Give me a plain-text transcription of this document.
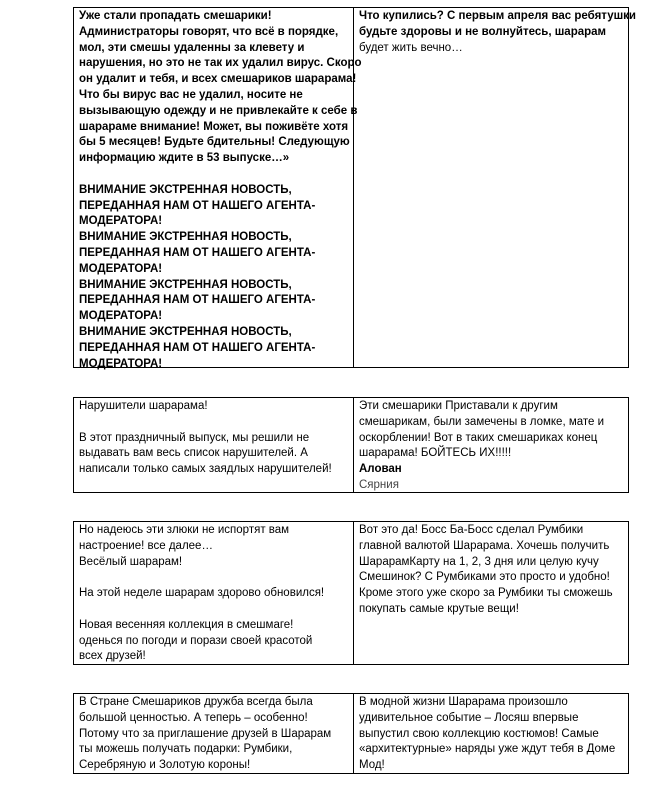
Уже стали пропадать смешарики!
Администраторы говорят, что всё в порядке,
мол, эти смешы удаленны за клевету и
нарушения, но это не так их удалил вирус. Скоро
он удалит и тебя, и всех смешариков шарарама!
Что бы вирус вас не удалил, носите не
вызывающую одежду и не привлекайте к себе в
шарараме внимание! Может, вы поживёте хотя
бы 5 месяцев! Будьте бдительны! Следующую
информацию ждите в 53 выпуске…»
ВНИМАНИЕ ЭКСТРЕННАЯ НОВОСТЬ,
ПЕРЕДАННАЯ НАМ ОТ НАШЕГО АГЕНТА-
МОДЕРАТОРА!
ВНИМАНИЕ ЭКСТРЕННАЯ НОВОСТЬ,
ПЕРЕДАННАЯ НАМ ОТ НАШЕГО АГЕНТА-
МОДЕРАТОРА!
ВНИМАНИЕ ЭКСТРЕННАЯ НОВОСТЬ,
ПЕРЕДАННАЯ НАМ ОТ НАШЕГО АГЕНТА-
МОДЕРАТОРА!
ВНИМАНИЕ ЭКСТРЕННАЯ НОВОСТЬ,
ПЕРЕДАННАЯ НАМ ОТ НАШЕГО АГЕНТА-
МОДЕРАТОРА!
Что купились? С первым апреля вас ребятушки
будьте здоровы и не волнуйтесь, шарарам
будет жить вечно…
Нарушители шарарама!
В этот праздничный выпуск, мы решили не
выдавать вам весь список нарушителей. А
написали только самых заядлых нарушителей!
Эти смешарики Приставали к другим
смешарикам, были замечены в ломке, мате и
оскорблении! Вот в таких смешариках конец
шарарама! БОЙТЕСЬ ИХ!!!!!
Алован
Сярния
Но надеюсь эти злюки не испортят вам
настроение! все далее…
Весёлый шарарам!
На этой неделе шарарам здорово обновился!
Новая весенняя коллекция в смешмаге!
оденься по погоди и порази своей красотой
всех друзей!
Вот это да! Босс Ба-Босс сделал Румбики
главной валютой Шарарама. Хочешь получить
ШарарамКарту на 1, 2, 3 дня или целую кучу
Смешинок? С Румбиками это просто и удобно!
Кроме этого уже скоро за Румбики ты сможешь
покупать самые крутые вещи!
В Стране Смешариков дружба всегда была
большой ценностью. А теперь – особенно!
Потому что за приглашение друзей в Шарарам
ты можешь получать подарки: Румбики,
Серебряную и Золотую короны!
В модной жизни Шарарама произошло
удивительное событие – Лосяш впервые
выпустил свою коллекцию костюмов! Самые
«архитектурные» наряды уже ждут тебя в Доме
Мод!
